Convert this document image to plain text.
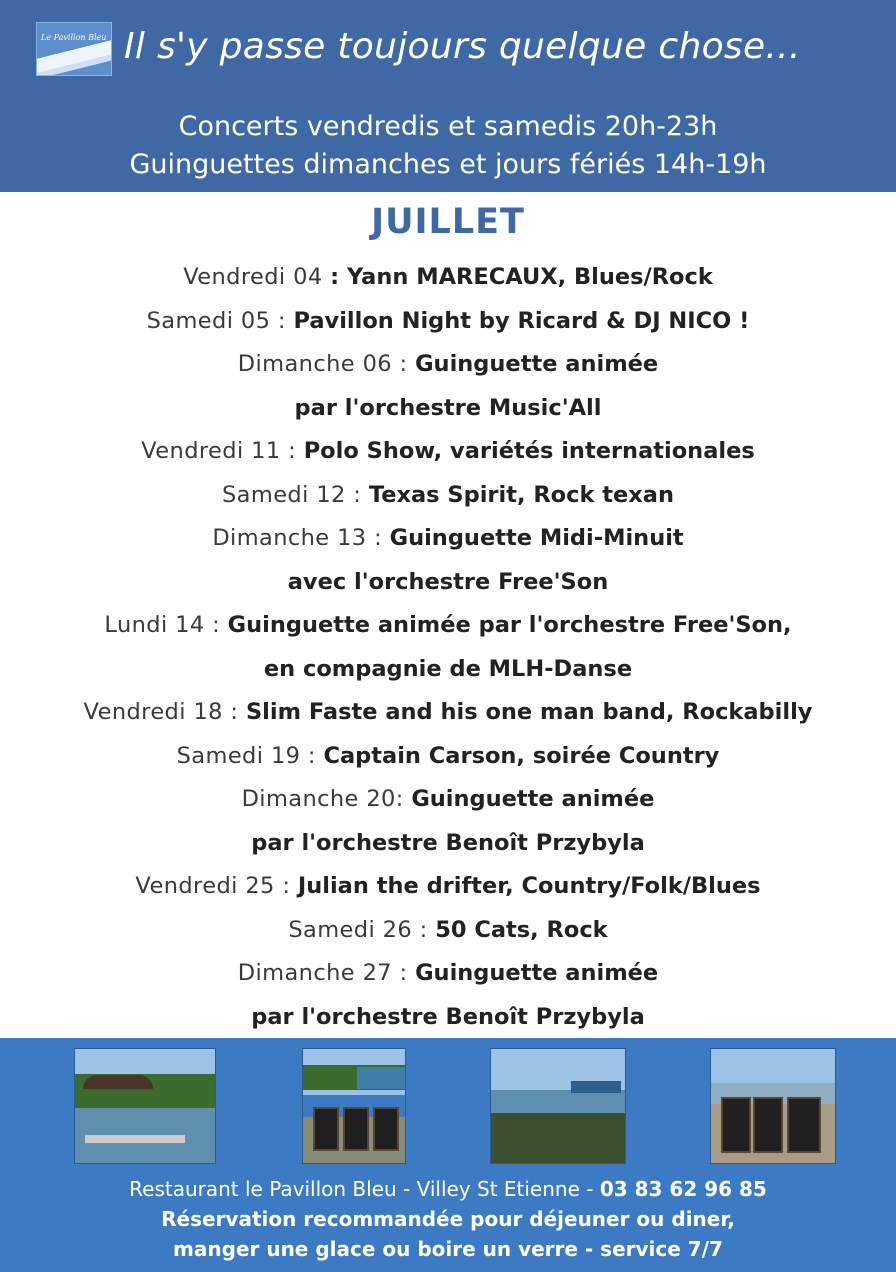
Le Pavillon Bleu Il s'y passe toujours quelque chose...
Concerts vendredis et samedis 20h-23h
Guinguettes dimanches et jours fériés 14h-19h
JUILLET
Vendredi 04 : Yann MARECAUX, Blues/Rock
Samedi 05 : Pavillon Night by Ricard & DJ NICO !
Dimanche 06 : Guinguette animée
par l'orchestre Music'All
Vendredi 11 : Polo Show, variétés internationales
Samedi 12 : Texas Spirit, Rock texan
Dimanche 13 : Guinguette Midi-Minuit
avec l'orchestre Free'Son
Lundi 14 : Guinguette animée par l'orchestre Free'Son,
en compagnie de MLH-Danse
Vendredi 18 : Slim Faste and his one man band, Rockabilly
Samedi 19 : Captain Carson, soirée Country
Dimanche 20: Guinguette animée
par l'orchestre Benoît Przybyla
Vendredi 25 : Julian the drifter, Country/Folk/Blues
Samedi 26 : 50 Cats, Rock
Dimanche 27 : Guinguette animée
par l'orchestre Benoît Przybyla
Restaurant le Pavillon Bleu - Villey St Etienne - 03 83 62 96 85
Réservation recommandée pour déjeuner ou diner,
manger une glace ou boire un verre - service 7/7
